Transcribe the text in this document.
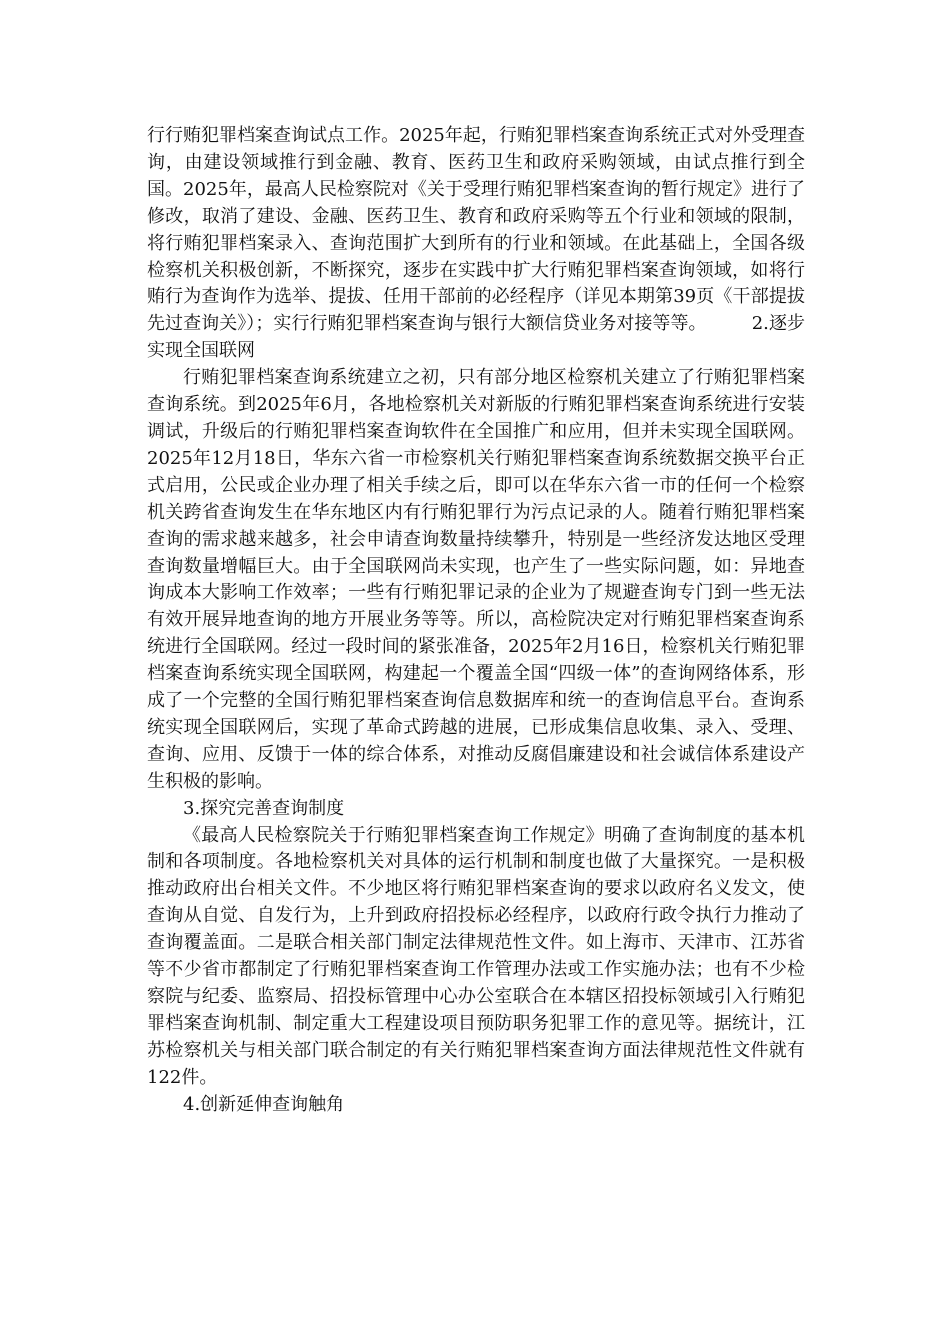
行行贿犯罪档案查询试点工作。2025年起，行贿犯罪档案查询系统正式对外受理查询，由建设领域推行到金融、教育、医药卫生和政府采购领域，由试点推行到全国。2025年，最高人民检察院对《关于受理行贿犯罪档案查询的暂行规定》进行了修改，取消了建设、金融、医药卫生、教育和政府采购等五个行业和领域的限制，将行贿犯罪档案录入、查询范围扩大到所有的行业和领域。在此基础上，全国各级检察机关积极创新，不断探究，逐步在实践中扩大行贿犯罪档案查询领域，如将行贿行为查询作为选举、提拔、任用干部前的必经程序（详见本期第39页《干部提拔先过查询关》）；实行行贿犯罪档案查询与银行大额信贷业务对接等等。　　　2.逐步实现全国联网

行贿犯罪档案查询系统建立之初，只有部分地区检察机关建立了行贿犯罪档案查询系统。到2025年6月，各地检察机关对新版的行贿犯罪档案查询系统进行安装调试，升级后的行贿犯罪档案查询软件在全国推广和应用，但并未实现全国联网。2025年12月18日，华东六省一市检察机关行贿犯罪档案查询系统数据交换平台正式启用，公民或企业办理了相关手续之后，即可以在华东六省一市的任何一个检察机关跨省查询发生在华东地区内有行贿犯罪行为污点记录的人。随着行贿犯罪档案查询的需求越来越多，社会申请查询数量持续攀升，特别是一些经济发达地区受理查询数量增幅巨大。由于全国联网尚未实现，也产生了一些实际问题，如：异地查询成本大影响工作效率；一些有行贿犯罪记录的企业为了规避查询专门到一些无法有效开展异地查询的地方开展业务等等。所以，高检院决定对行贿犯罪档案查询系统进行全国联网。经过一段时间的紧张准备，2025年2月16日，检察机关行贿犯罪档案查询系统实现全国联网，构建起一个覆盖全国“四级一体”的查询网络体系，形成了一个完整的全国行贿犯罪档案查询信息数据库和统一的查询信息平台。查询系统实现全国联网后，实现了革命式跨越的进展，已形成集信息收集、录入、受理、查询、应用、反馈于一体的综合体系，对推动反腐倡廉建设和社会诚信体系建设产生积极的影响。

3.探究完善查询制度

《最高人民检察院关于行贿犯罪档案查询工作规定》明确了查询制度的基本机制和各项制度。各地检察机关对具体的运行机制和制度也做了大量探究。一是积极推动政府出台相关文件。不少地区将行贿犯罪档案查询的要求以政府名义发文，使查询从自觉、自发行为，上升到政府招投标必经程序，以政府行政令执行力推动了查询覆盖面。二是联合相关部门制定法律规范性文件。如上海市、天津市、江苏省等不少省市都制定了行贿犯罪档案查询工作管理办法或工作实施办法；也有不少检察院与纪委、监察局、招投标管理中心办公室联合在本辖区招投标领域引入行贿犯罪档案查询机制、制定重大工程建设项目预防职务犯罪工作的意见等。据统计，江苏检察机关与相关部门联合制定的有关行贿犯罪档案查询方面法律规范性文件就有122件。

4.创新延伸查询触角
